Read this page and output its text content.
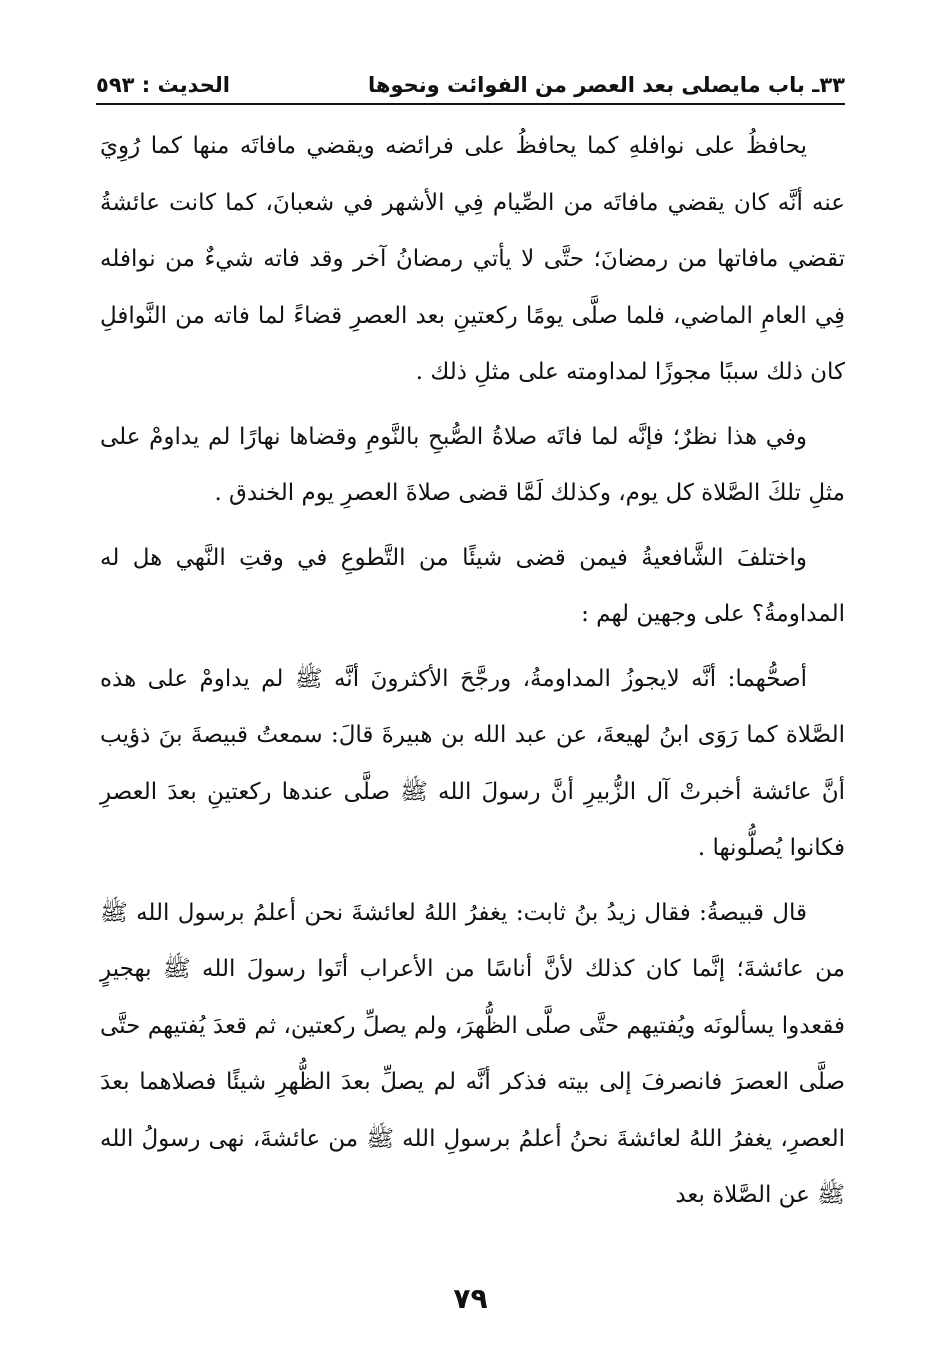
٣٣ـ باب مايصلى بعد العصر من الفوائت ونحوها
الحديث : ٥٩٣

يحافظُ على نوافلهِ كما يحافظُ على فرائضه ويقضي مافاتَه منها كما رُوِيَ عنه أنَّه كان يقضي مافاتَه من الصِّيام فِي الأشهر في شعبانَ، كما كانت عائشةُ تقضي مافاتها من رمضانَ؛ حتَّى لا يأتي رمضانُ آخر وقد فاته شيءٌ من نوافله فِي العامِ الماضي، فلما صلَّى يومًا ركعتينِ بعد العصرِ قضاءً لما فاته من النَّوافلِ كان ذلك سببًا مجوزًا لمداومته على مثلِ ذلك .

وفي هذا نظرٌ؛ فإنَّه لما فاتَه صلاةُ الصُّبحِ بالنَّومِ وقضاها نهارًا لم يداومْ على مثلِ تلكَ الصَّلاة كل يوم، وكذلك لَمَّا قضى صلاةَ العصرِ يوم الخندق .

واختلفَ الشَّافعيةُ فيمن قضى شيئًا من التَّطوعِ في وقتِ النَّهي هل له المداومةُ؟ على وجهين لهم :

أصحُّهما: أنَّه لايجوزُ المداومةُ، ورجَّحَ الأكثرونَ أنَّه ﷺ لم يداومْ على هذه الصَّلاة كما رَوَى ابنُ لهيعةَ، عن عبد الله بن هبيرةَ قالَ: سمعتُ قبيصةَ بنَ ذؤيب أنَّ عائشة أخبرتْ آل الزُّبيرِ أنَّ رسولَ الله ﷺ صلَّى عندها ركعتينِ بعدَ العصرِ فكانوا يُصلُّونها .

قال قبيصةُ: فقال زيدُ بنُ ثابت: يغفرُ اللهُ لعائشةَ نحن أعلمُ برسول الله ﷺ من عائشةَ؛ إنَّما كان كذلك لأنَّ أناسًا من الأعراب أتَوا رسولَ الله ﷺ بهجيرٍ فقعدوا يسألونَه ويُفتيهم حتَّى صلَّى الظُّهرَ، ولم يصلِّ ركعتين، ثم قعدَ يُفتيهم حتَّى صلَّى العصرَ فانصرفَ إلى بيته فذكر أنَّه لم يصلِّ بعدَ الظُّهرِ شيئًا فصلاهما بعدَ العصرِ، يغفرُ اللهُ لعائشةَ نحنُ أعلمُ برسولِ الله ﷺ من عائشةَ، نهى رسولُ الله ﷺ عن الصَّلاة بعد

٧٩
